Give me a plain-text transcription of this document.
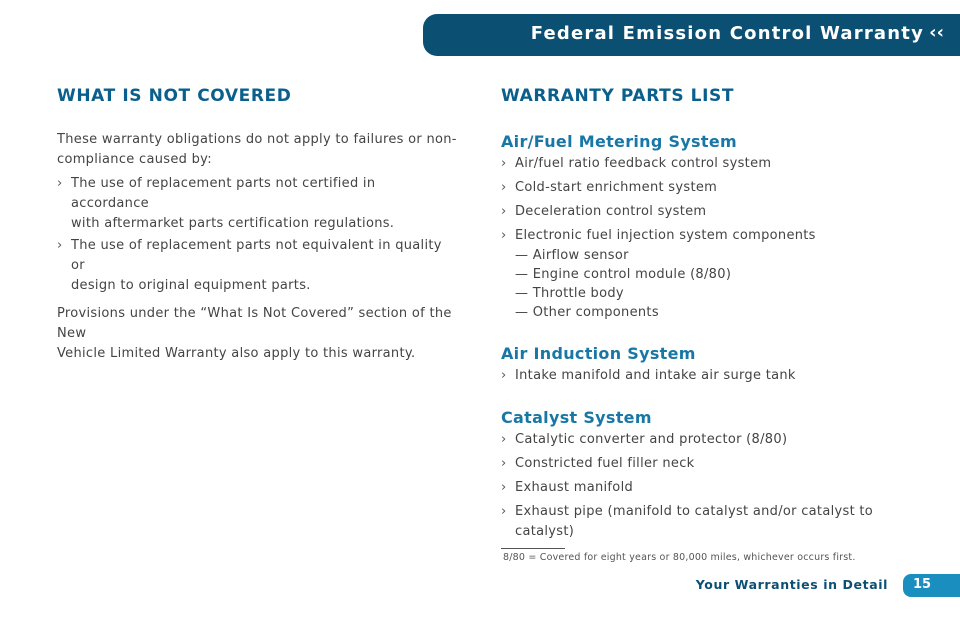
Federal Emission Control Warranty ‹‹
WHAT IS NOT COVERED
These warranty obligations do not apply to failures or non-
compliance caused by:
› The use of replacement parts not certified in accordance
with aftermarket parts certification regulations.
› The use of replacement parts not equivalent in quality or
design to original equipment parts.
Provisions under the “What Is Not Covered” section of the New
Vehicle Limited Warranty also apply to this warranty.
WARRANTY PARTS LIST
Air/Fuel Metering System
› Air/fuel ratio feedback control system
› Cold-start enrichment system
› Deceleration control system
› Electronic fuel injection system components
— Airflow sensor
— Engine control module (8/80)
— Throttle body
— Other components
Air Induction System
› Intake manifold and intake air surge tank
Catalyst System
› Catalytic converter and protector (8/80)
› Constricted fuel filler neck
› Exhaust manifold
› Exhaust pipe (manifold to catalyst and/or catalyst to catalyst)
8/80 = Covered for eight years or 80,000 miles, whichever occurs first.
Your Warranties in Detail 15
